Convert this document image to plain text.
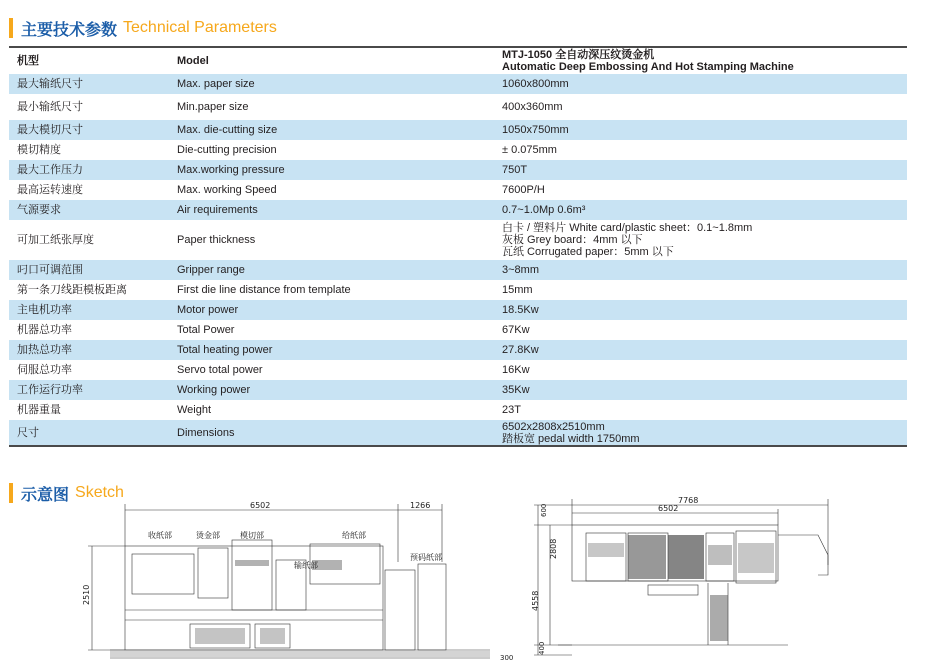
主要技术参数 Technical Parameters
机型	Model	MTJ-1050 全自动深压纹烫金机
Automatic Deep Embossing And Hot Stamping Machine

最大输纸尺寸	Max. paper size	1060x800mm

最小输纸尺寸	Min.paper size	400x360mm

最大模切尺寸	Max. die-cutting size	1050x750mm

模切精度	Die-cutting precision	± 0.075mm

最大工作压力	Max.working pressure	750T

最高运转速度	Max. working Speed	7600P/H

气源要求	Air requirements	0.7~1.0Mp 0.6m³

可加工纸张厚度	Paper thickness	白卡 / 塑料片 White card/plastic sheet：0.1~1.8mm
灰板 Grey board：4mm 以下
瓦纸 Corrugated paper：5mm 以下

叼口可调范围	Gripper range	3~8mm

第一条刀线距模板距离	First die line distance from template	15mm

主电机功率	Motor power	18.5Kw

机器总功率	Total Power	67Kw

加热总功率	Total heating power	27.8Kw

伺服总功率	Servo total power	16Kw

工作运行功率	Working power	35Kw

机器重量	Weight	23T

尺寸	Dimensions	6502x2808x2510mm
踏板宽 pedal width 1750mm
示意图 Sketch
6502	1266
2510
300
收纸部	烫金部	模切部	给纸部
输纸部
预码纸部
7768
6502
600
2808
4558
400
